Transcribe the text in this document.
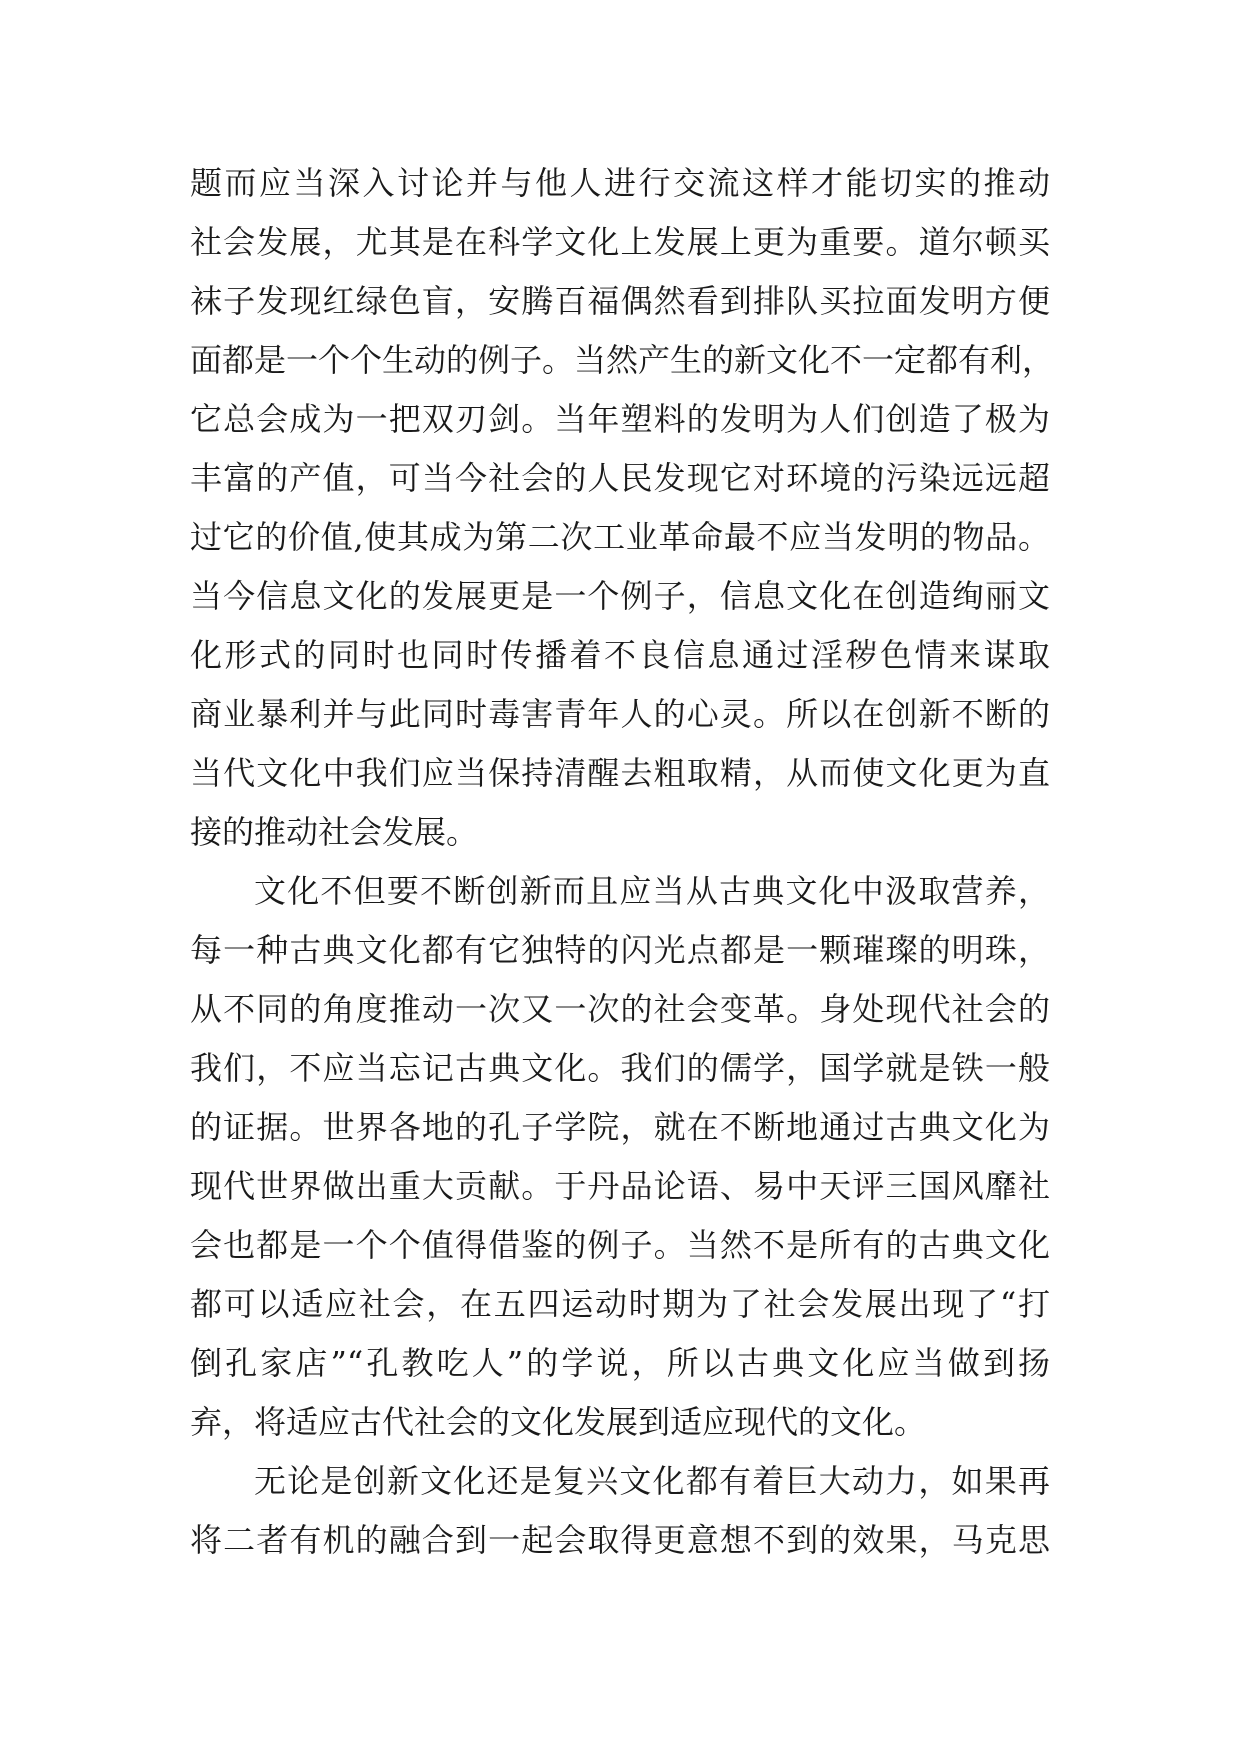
题而应当深入讨论并与他人进行交流这样才能切实的推动
社会发展，尤其是在科学文化上发展上更为重要。道尔顿买
袜子发现红绿色盲，安腾百福偶然看到排队买拉面发明方便
面都是一个个生动的例子。当然产生的新文化不一定都有利，
它总会成为一把双刃剑。当年塑料的发明为人们创造了极为
丰富的产值，可当今社会的人民发现它对环境的污染远远超
过它的价值,使其成为第二次工业革命最不应当发明的物品。
当今信息文化的发展更是一个例子，信息文化在创造绚丽文
化形式的同时也同时传播着不良信息通过淫秽色情来谋取
商业暴利并与此同时毒害青年人的心灵。所以在创新不断的
当代文化中我们应当保持清醒去粗取精，从而使文化更为直
接的推动社会发展。
文化不但要不断创新而且应当从古典文化中汲取营养，
每一种古典文化都有它独特的闪光点都是一颗璀璨的明珠，
从不同的角度推动一次又一次的社会变革。身处现代社会的
我们，不应当忘记古典文化。我们的儒学，国学就是铁一般
的证据。世界各地的孔子学院，就在不断地通过古典文化为
现代世界做出重大贡献。于丹品论语、易中天评三国风靡社
会也都是一个个值得借鉴的例子。当然不是所有的古典文化
都可以适应社会，在五四运动时期为了社会发展出现了“打
倒孔家店”“孔教吃人”的学说，所以古典文化应当做到扬
弃，将适应古代社会的文化发展到适应现代的文化。
无论是创新文化还是复兴文化都有着巨大动力，如果再
将二者有机的融合到一起会取得更意想不到的效果，马克思
